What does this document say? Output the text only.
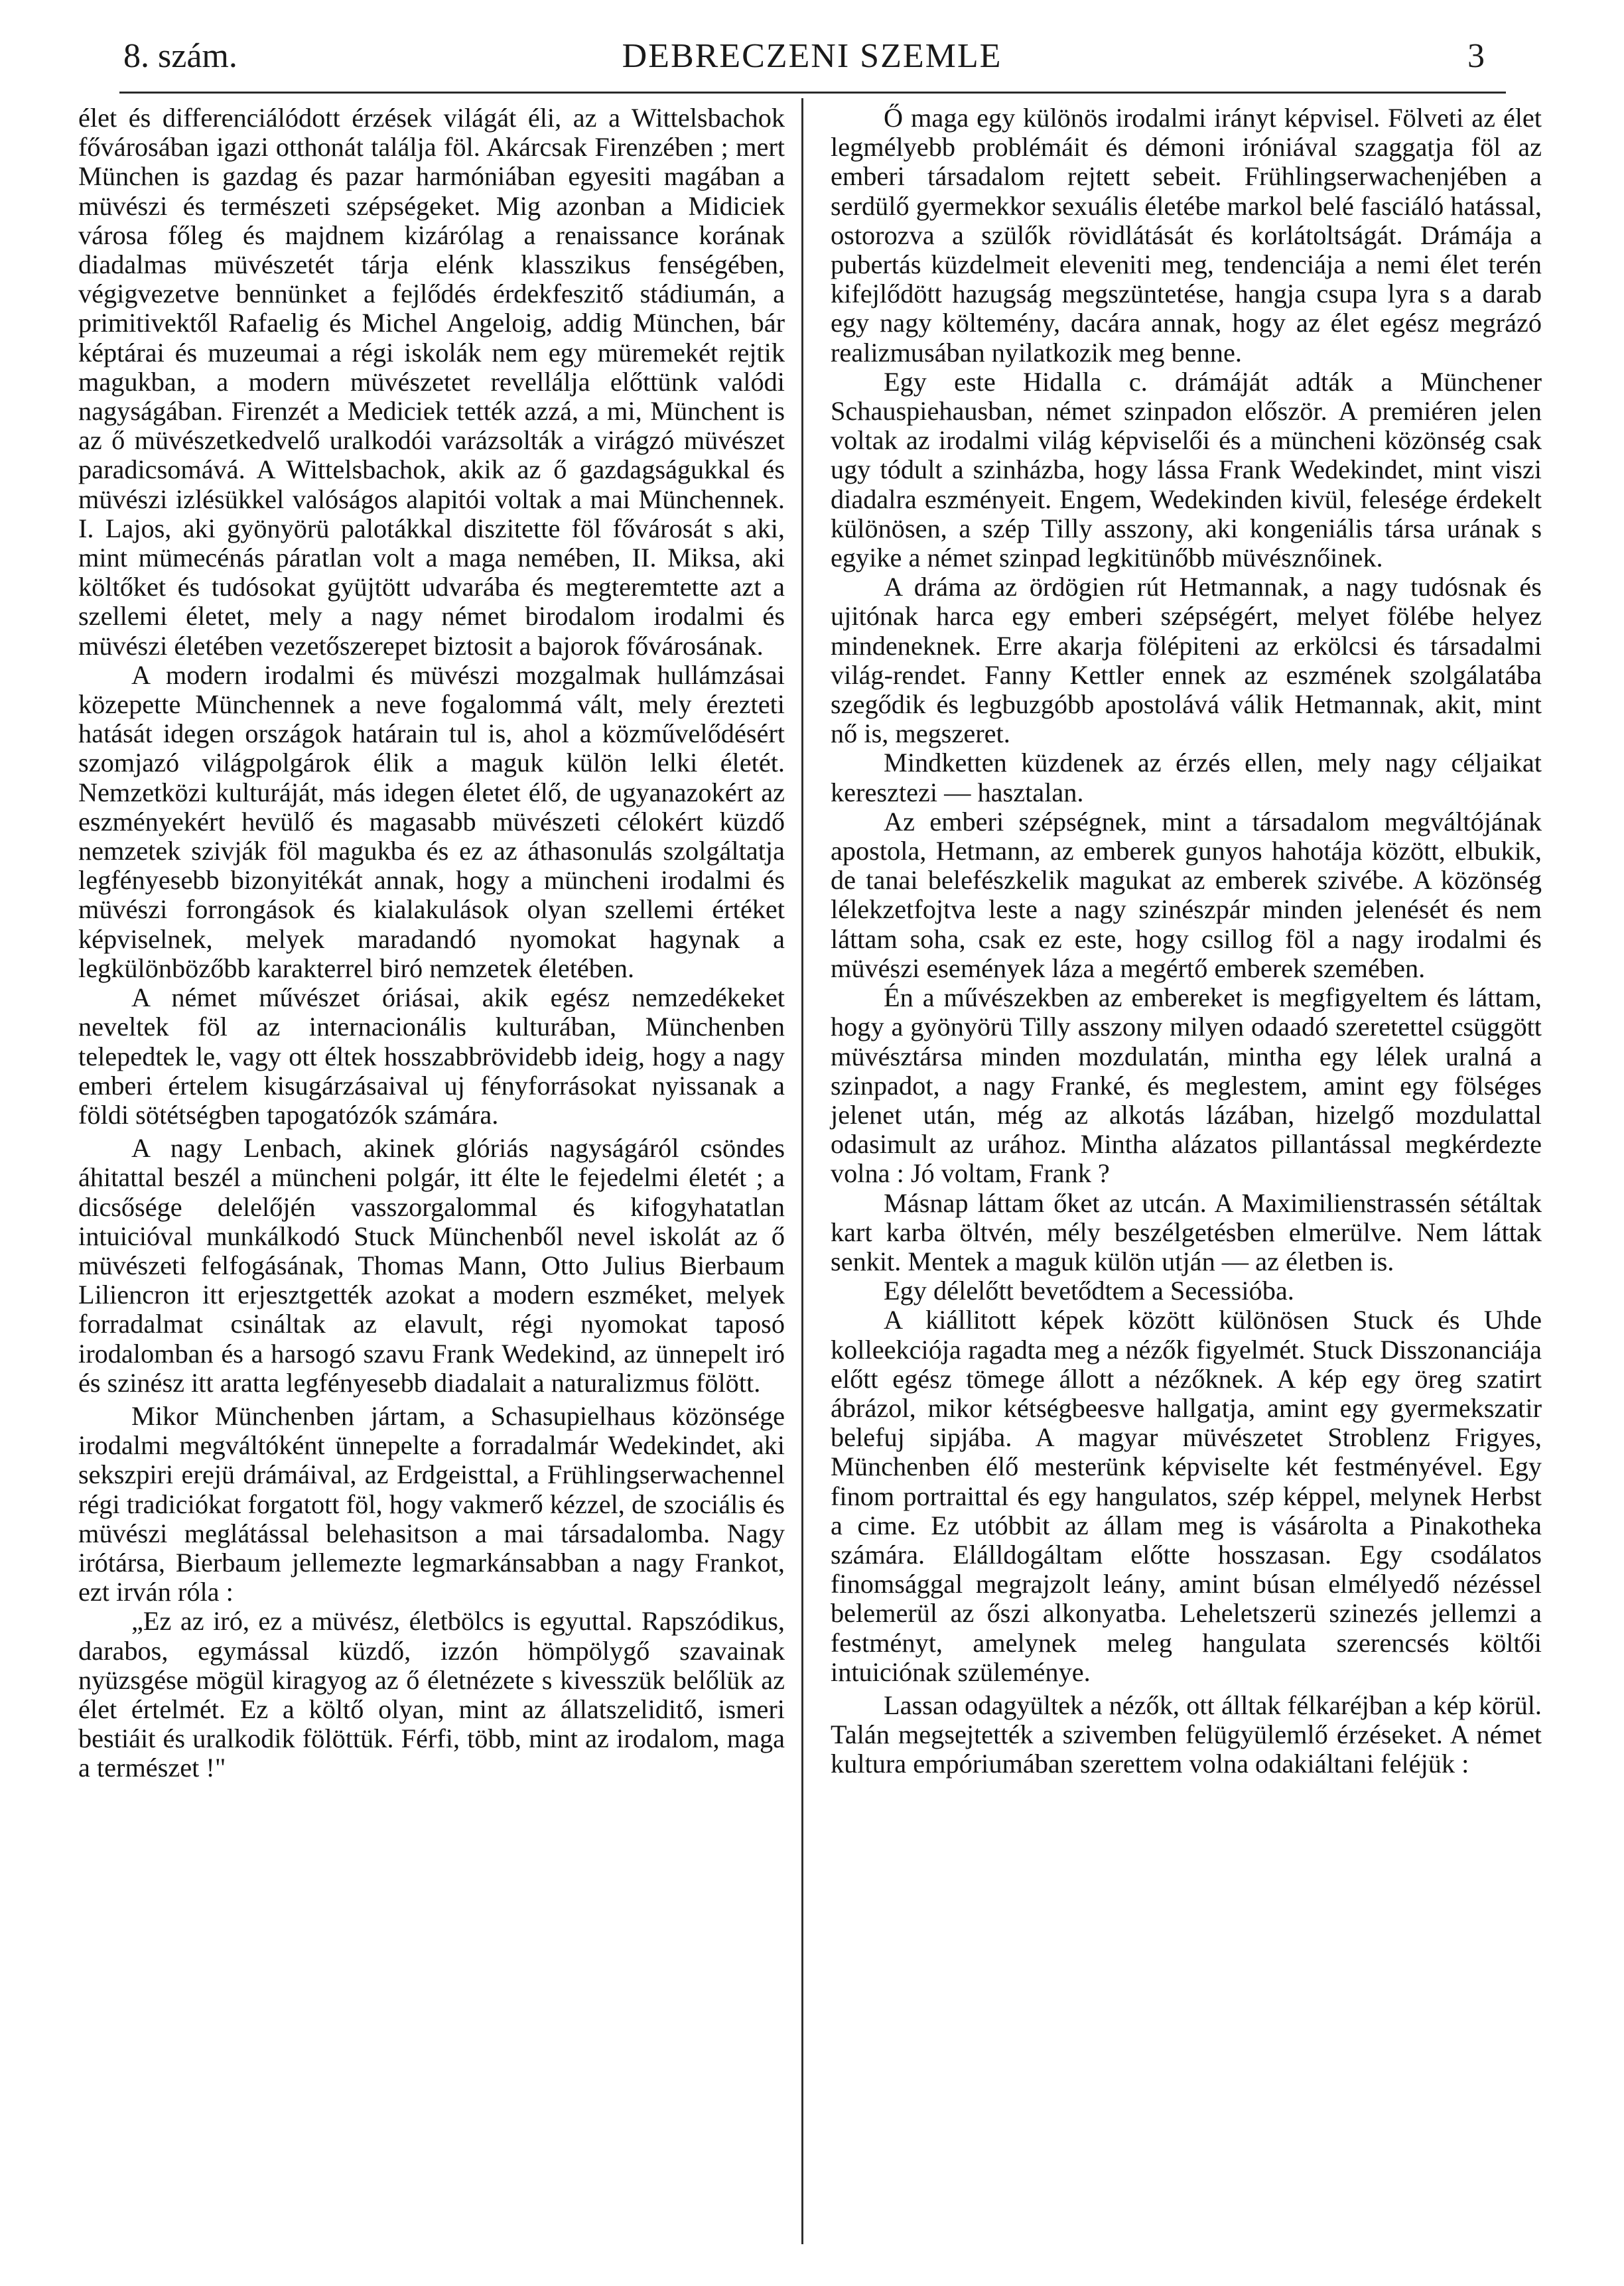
8. szám.	DEBRECZENI SZEMLE	3

élet és differenciálódott érzések világát éli, az a Wittelsbachok fővárosában igazi otthonát találja föl. Akárcsak Firenzében ; mert München is gazdag és pazar harmóniában egyesiti magában a müvészi és természeti szépségeket. Mig azonban a Midiciek városa főleg és majdnem kizárólag a renaissance korának diadalmas müvészetét tárja elénk klasszikus fenségében, végigvezetve bennünket a fejlődés érdekfeszitő stádiumán, a primitivektől Rafaelig és Michel Angeloig, addig München, bár képtárai és muzeumai a régi iskolák nem egy müremekét rejtik magukban, a modern müvészetet revellálja előttünk valódi nagyságában. Firenzét a Mediciek tették azzá, a mi, Münchent is az ő müvészetkedvelő uralkodói varázsolták a virágzó müvészet paradicsomává. A Wittelsbachok, akik az ő gazdagságukkal és müvészi izlésükkel valóságos alapitói voltak a mai Münchennek. I. Lajos, aki gyönyörü palotákkal diszitette föl fővárosát s aki, mint mümecénás páratlan volt a maga nemében, II. Miksa, aki költőket és tudósokat gyüjtött udvarába és megteremtette azt a szellemi életet, mely a nagy német birodalom irodalmi és müvészi életében vezetőszerepet biztosit a bajorok fővárosának.

A modern irodalmi és müvészi mozgalmak hullámzásai közepette Münchennek a neve fogalommá vált, mely érezteti hatását idegen országok határain tul is, ahol a közművelődésért szomjazó világpolgárok élik a maguk külön lelki életét. Nemzetközi kulturáját, más idegen életet élő, de ugyanazokért az eszményekért hevülő és magasabb müvészeti célokért küzdő nemzetek szivják föl magukba és ez az áthasonulás szolgáltatja legfényesebb bizonyitékát annak, hogy a müncheni irodalmi és müvészi forrongások és kialakulások olyan szellemi értéket képviselnek, melyek maradandó nyomokat hagynak a legkülönbözőbb karakterrel biró nemzetek életében.

A német művészet óriásai, akik egész nemzedékeket neveltek föl az internacionális kulturában, Münchenben telepedtek le, vagy ott éltek hosszabbrövidebb ideig, hogy a nagy emberi értelem kisugárzásaival uj fényforrásokat nyissanak a földi sötétségben tapogatózók számára.

A nagy Lenbach, akinek glóriás nagyságáról csöndes áhitattal beszél a müncheni polgár, itt élte le fejedelmi életét ; a dicsősége delelőjén vasszorgalommal és kifogyhatatlan intuicióval munkálkodó Stuck Münchenből nevel iskolát az ő müvészeti felfogásának, Thomas Mann, Otto Julius Bierbaum Liliencron itt erjesztgették azokat a modern eszméket, melyek forradalmat csináltak az elavult, régi nyomokat taposó irodalomban és a harsogó szavu Frank Wedekind, az ünnepelt iró és szinész itt aratta legfényesebb diadalait a naturalizmus fölött.

Mikor Münchenben jártam, a Schasupielhaus közönsége irodalmi megváltóként ünnepelte a forradalmár Wedekindet, aki sekszpiri erejü drámáival, az Erdgeisttal, a Frühlingserwachennel régi tradiciókat forgatott föl, hogy vakmerő kézzel, de szociális és müvészi meglátással belehasitson a mai társadalomba. Nagy irótársa, Bierbaum jellemezte legmarkánsabban a nagy Frankot, ezt irván róla :

„Ez az iró, ez a müvész, életbölcs is egyuttal. Rapszódikus, darabos, egymással küzdő, izzón hömpölygő szavainak nyüzsgése mögül kiragyog az ő életnézete s kivesszük belőlük az élet értelmét. Ez a költő olyan, mint az állatszeliditő, ismeri bestiáit és uralkodik fölöttük. Férfi, több, mint az irodalom, maga a természet !"

Ő maga egy különös irodalmi irányt képvisel. Fölveti az élet legmélyebb problémáit és démoni iróniával szaggatja föl az emberi társadalom rejtett sebeit. Frühlingserwachenjében a serdülő gyermekkor sexuális életébe markol belé fasciáló hatással, ostorozva a szülők rövidlátását és korlátoltságát. Drámája a pubertás küzdelmeit eleveniti meg, tendenciája a nemi élet terén kifejlődött hazugság megszüntetése, hangja csupa lyra s a darab egy nagy költemény, dacára annak, hogy az élet egész megrázó realizmusában nyilatkozik meg benne.

Egy este Hidalla c. drámáját adták a Münchener Schauspiehausban, német szinpadon először. A premiéren jelen voltak az irodalmi világ képviselői és a müncheni közönség csak ugy tódult a szinházba, hogy lássa Frank Wedekindet, mint viszi diadalra eszményeit. Engem, Wedekinden kivül, felesége érdekelt különösen, a szép Tilly asszony, aki kongeniális társa urának s egyike a német szinpad legkitünőbb müvésznőinek.

A dráma az ördögien rút Hetmannak, a nagy tudósnak és ujitónak harca egy emberi szépségért, melyet fölébe helyez mindeneknek. Erre akarja fölépiteni az erkölcsi és társadalmi világ-rendet. Fanny Kettler ennek az eszmének szolgálatába szegődik és legbuzgóbb apostolává válik Hetmannak, akit, mint nő is, megszeret.

Mindketten küzdenek az érzés ellen, mely nagy céljaikat keresztezi — hasztalan.

Az emberi szépségnek, mint a társadalom megváltójának apostola, Hetmann, az emberek gunyos hahotája között, elbukik, de tanai belefészkelik magukat az emberek szivébe. A közönség lélekzetfojtva leste a nagy szinészpár minden jelenését és nem láttam soha, csak ez este, hogy csillog föl a nagy irodalmi és müvészi események láza a megértő emberek szemében.

Én a művészekben az embereket is megfigyeltem és láttam, hogy a gyönyörü Tilly asszony milyen odaadó szeretettel csüggött müvésztársa minden mozdulatán, mintha egy lélek uralná a szinpadot, a nagy Franké, és meglestem, amint egy fölséges jelenet után, még az alkotás lázában, hizelgő mozdulattal odasimult az urához. Mintha alázatos pillantással megkérdezte volna : Jó voltam, Frank ?

Másnap láttam őket az utcán. A Maximilienstrassén sétáltak kart karba öltvén, mély beszélgetésben elmerülve. Nem láttak senkit. Mentek a maguk külön utján — az életben is.

Egy délelőtt bevetődtem a Secessióba.

A kiállitott képek között különösen Stuck és Uhde kolleekciója ragadta meg a nézők figyelmét. Stuck Disszonanciája előtt egész tömege állott a nézőknek. A kép egy öreg szatirt ábrázol, mikor kétségbeesve hallgatja, amint egy gyermekszatir belefuj sipjába. A magyar müvészetet Stroblenz Frigyes, Münchenben élő mesterünk képviselte két festményével. Egy finom portraittal és egy hangulatos, szép képpel, melynek Herbst a cime. Ez utóbbit az állam meg is vásárolta a Pinakotheka számára. Elálldogáltam előtte hosszasan. Egy csodálatos finomsággal megrajzolt leány, amint búsan elmélyedő nézéssel belemerül az őszi alkonyatba. Leheletszerü szinezés jellemzi a festményt, amelynek meleg hangulata szerencsés költői intuiciónak szüleménye.

Lassan odagyültek a nézők, ott álltak félkaréjban a kép körül. Talán megsejtették a szivemben felügyülemlő érzéseket. A német kultura empóriumában szerettem volna odakiáltani feléjük :
